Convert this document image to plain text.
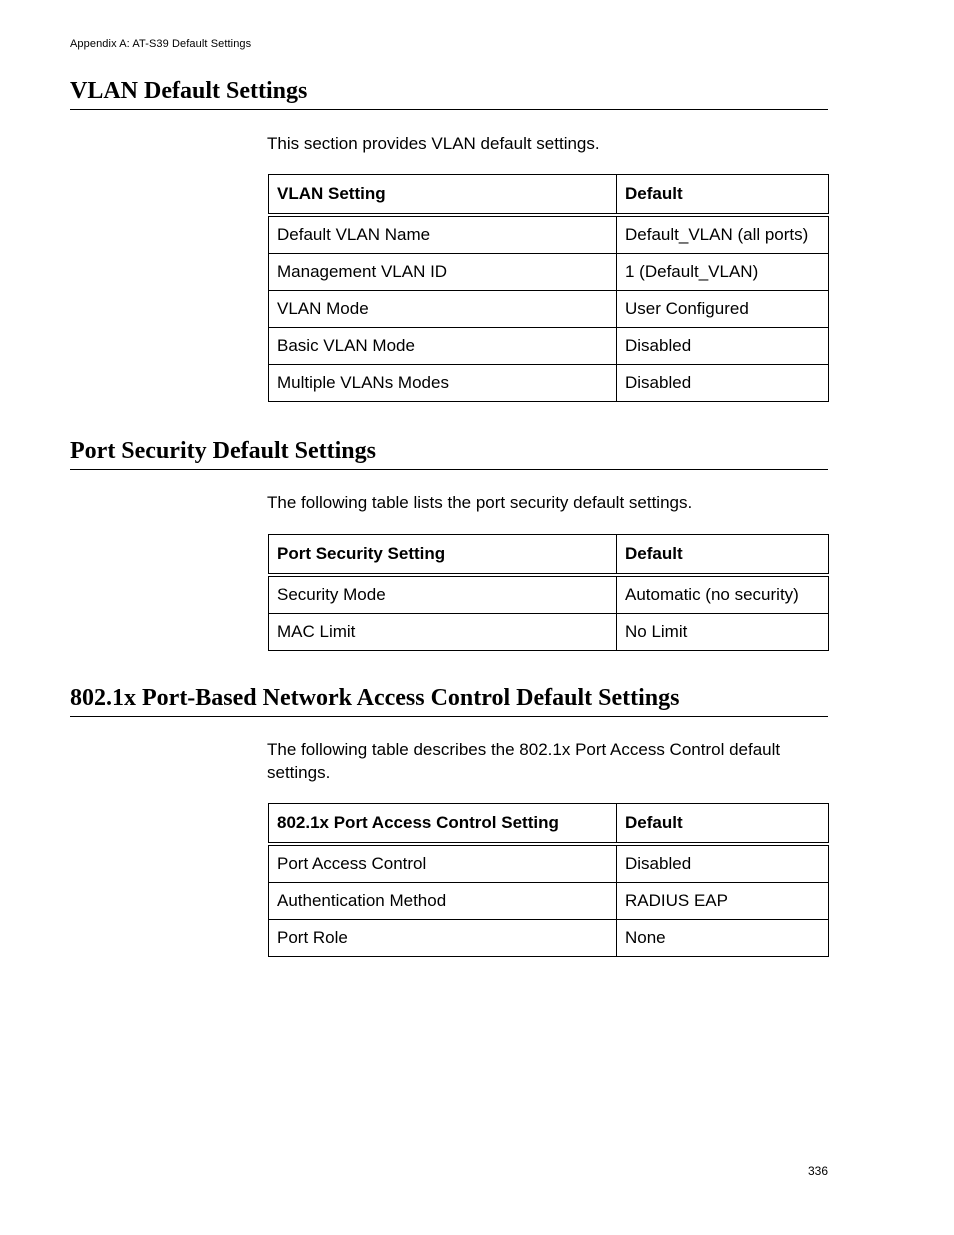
Appendix A: AT-S39 Default Settings
VLAN Default Settings

This section provides VLAN default settings.

VLAN Setting	Default
Default VLAN Name	Default_VLAN (all ports)
Management VLAN ID	1 (Default_VLAN)
VLAN Mode	User Configured
Basic VLAN Mode	Disabled
Multiple VLANs Modes	Disabled
Port Security Default Settings

The following table lists the port security default settings.

Port Security Setting	Default
Security Mode	Automatic (no security)
MAC Limit	No Limit
802.1x Port-Based Network Access Control Default Settings

The following table describes the 802.1x Port Access Control default settings.

802.1x Port Access Control Setting	Default
Port Access Control	Disabled
Authentication Method	RADIUS EAP
Port Role	None
336
